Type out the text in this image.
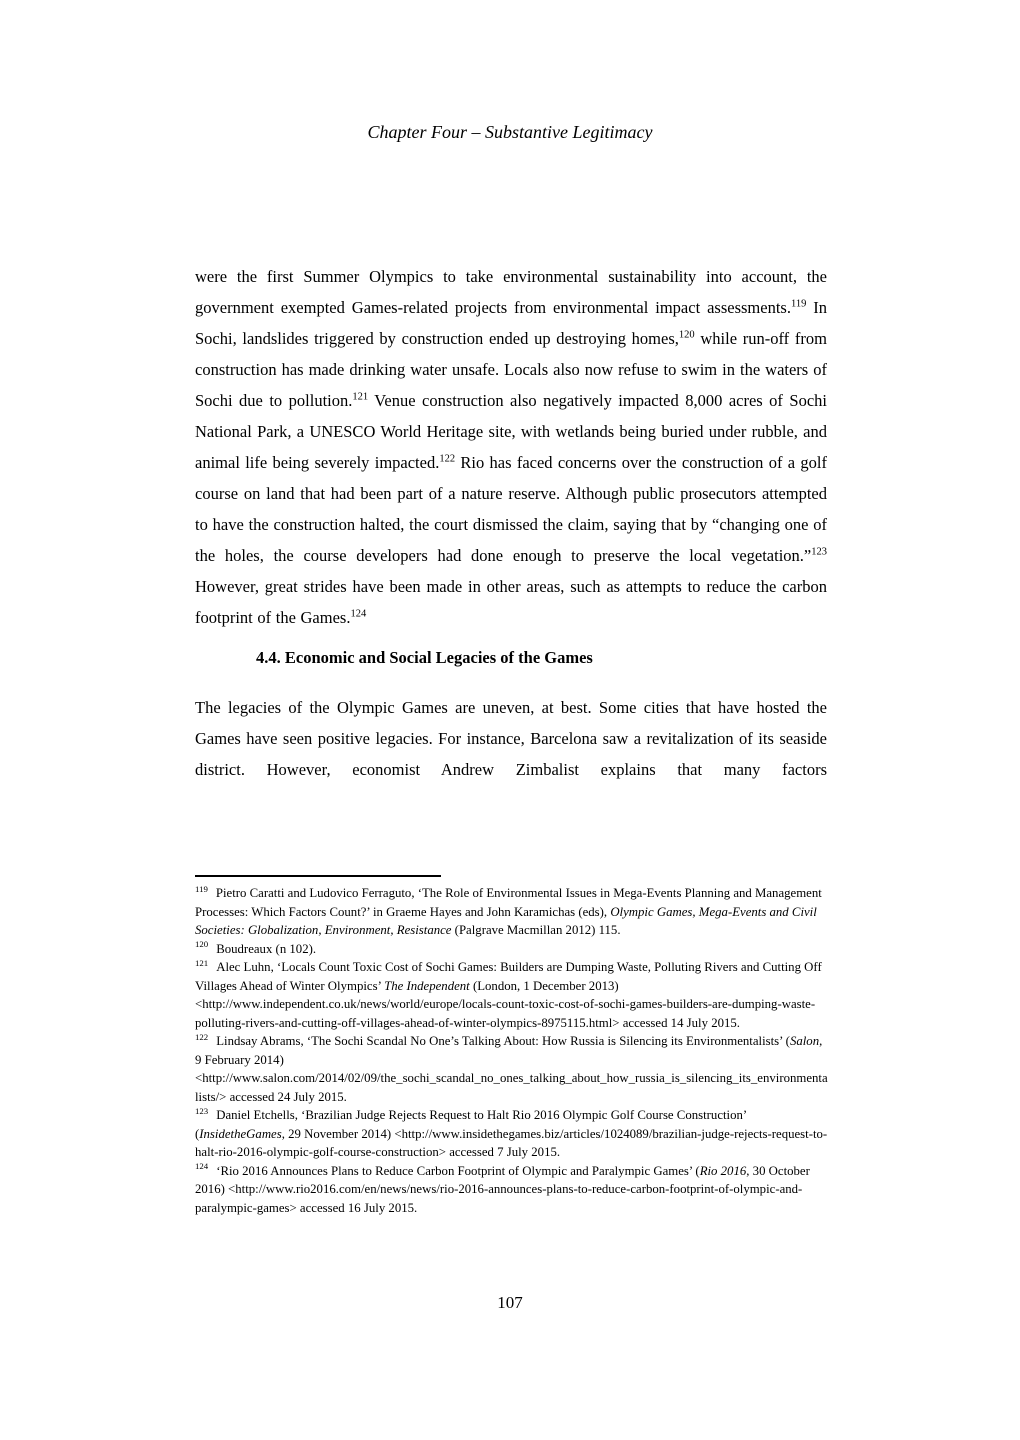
Chapter Four – Substantive Legitimacy
were the first Summer Olympics to take environmental sustainability into account, the government exempted Games-related projects from environmental impact assessments.$^{119}$ In Sochi, landslides triggered by construction ended up destroying homes,$^{120}$ while run-off from construction has made drinking water unsafe. Locals also now refuse to swim in the waters of Sochi due to pollution.$^{121}$ Venue construction also negatively impacted 8,000 acres of Sochi National Park, a UNESCO World Heritage site, with wetlands being buried under rubble, and animal life being severely impacted.$^{122}$ Rio has faced concerns over the construction of a golf course on land that had been part of a nature reserve. Although public prosecutors attempted to have the construction halted, the court dismissed the claim, saying that by “changing one of the holes, the course developers had done enough to preserve the local vegetation.”$^{123}$ However, great strides have been made in other areas, such as attempts to reduce the carbon footprint of the Games.$^{124}$
4.4. Economic and Social Legacies of the Games
The legacies of the Olympic Games are uneven, at best. Some cities that have hosted the Games have seen positive legacies. For instance, Barcelona saw a revitalization of its seaside district. However, economist Andrew Zimbalist explains that many factors
$^{119}$ Pietro Caratti and Ludovico Ferraguto, ‘The Role of Environmental Issues in Mega-Events Planning and Management Processes: Which Factors Count?’ in Graeme Hayes and John Karamichas (eds), Olympic Games, Mega-Events and Civil Societies: Globalization, Environment, Resistance (Palgrave Macmillan 2012) 115.
$^{120}$ Boudreaux (n 102).
$^{121}$ Alec Luhn, ‘Locals Count Toxic Cost of Sochi Games: Builders are Dumping Waste, Polluting Rivers and Cutting Off Villages Ahead of Winter Olympics’ The Independent (London, 1 December 2013) <http://www.independent.co.uk/news/world/europe/locals-count-toxic-cost-of-sochi-games-builders-are-dumping-waste-polluting-rivers-and-cutting-off-villages-ahead-of-winter-olympics-8975115.html> accessed 14 July 2015.
$^{122}$ Lindsay Abrams, ‘The Sochi Scandal No One’s Talking About: How Russia is Silencing its Environmentalists’ (Salon, 9 February 2014) <http://www.salon.com/2014/02/09/the_sochi_scandal_no_ones_talking_about_how_russia_is_silencing_its_environmentalists/> accessed 24 July 2015.
$^{123}$ Daniel Etchells, ‘Brazilian Judge Rejects Request to Halt Rio 2016 Olympic Golf Course Construction’ (InsidetheGames, 29 November 2014) <http://www.insidethegames.biz/articles/1024089/brazilian-judge-rejects-request-to-halt-rio-2016-olympic-golf-course-construction> accessed 7 July 2015.
$^{124}$ ‘Rio 2016 Announces Plans to Reduce Carbon Footprint of Olympic and Paralympic Games’ (Rio 2016, 30 October 2016) <http://www.rio2016.com/en/news/news/rio-2016-announces-plans-to-reduce-carbon-footprint-of-olympic-and-paralympic-games> accessed 16 July 2015.
107
